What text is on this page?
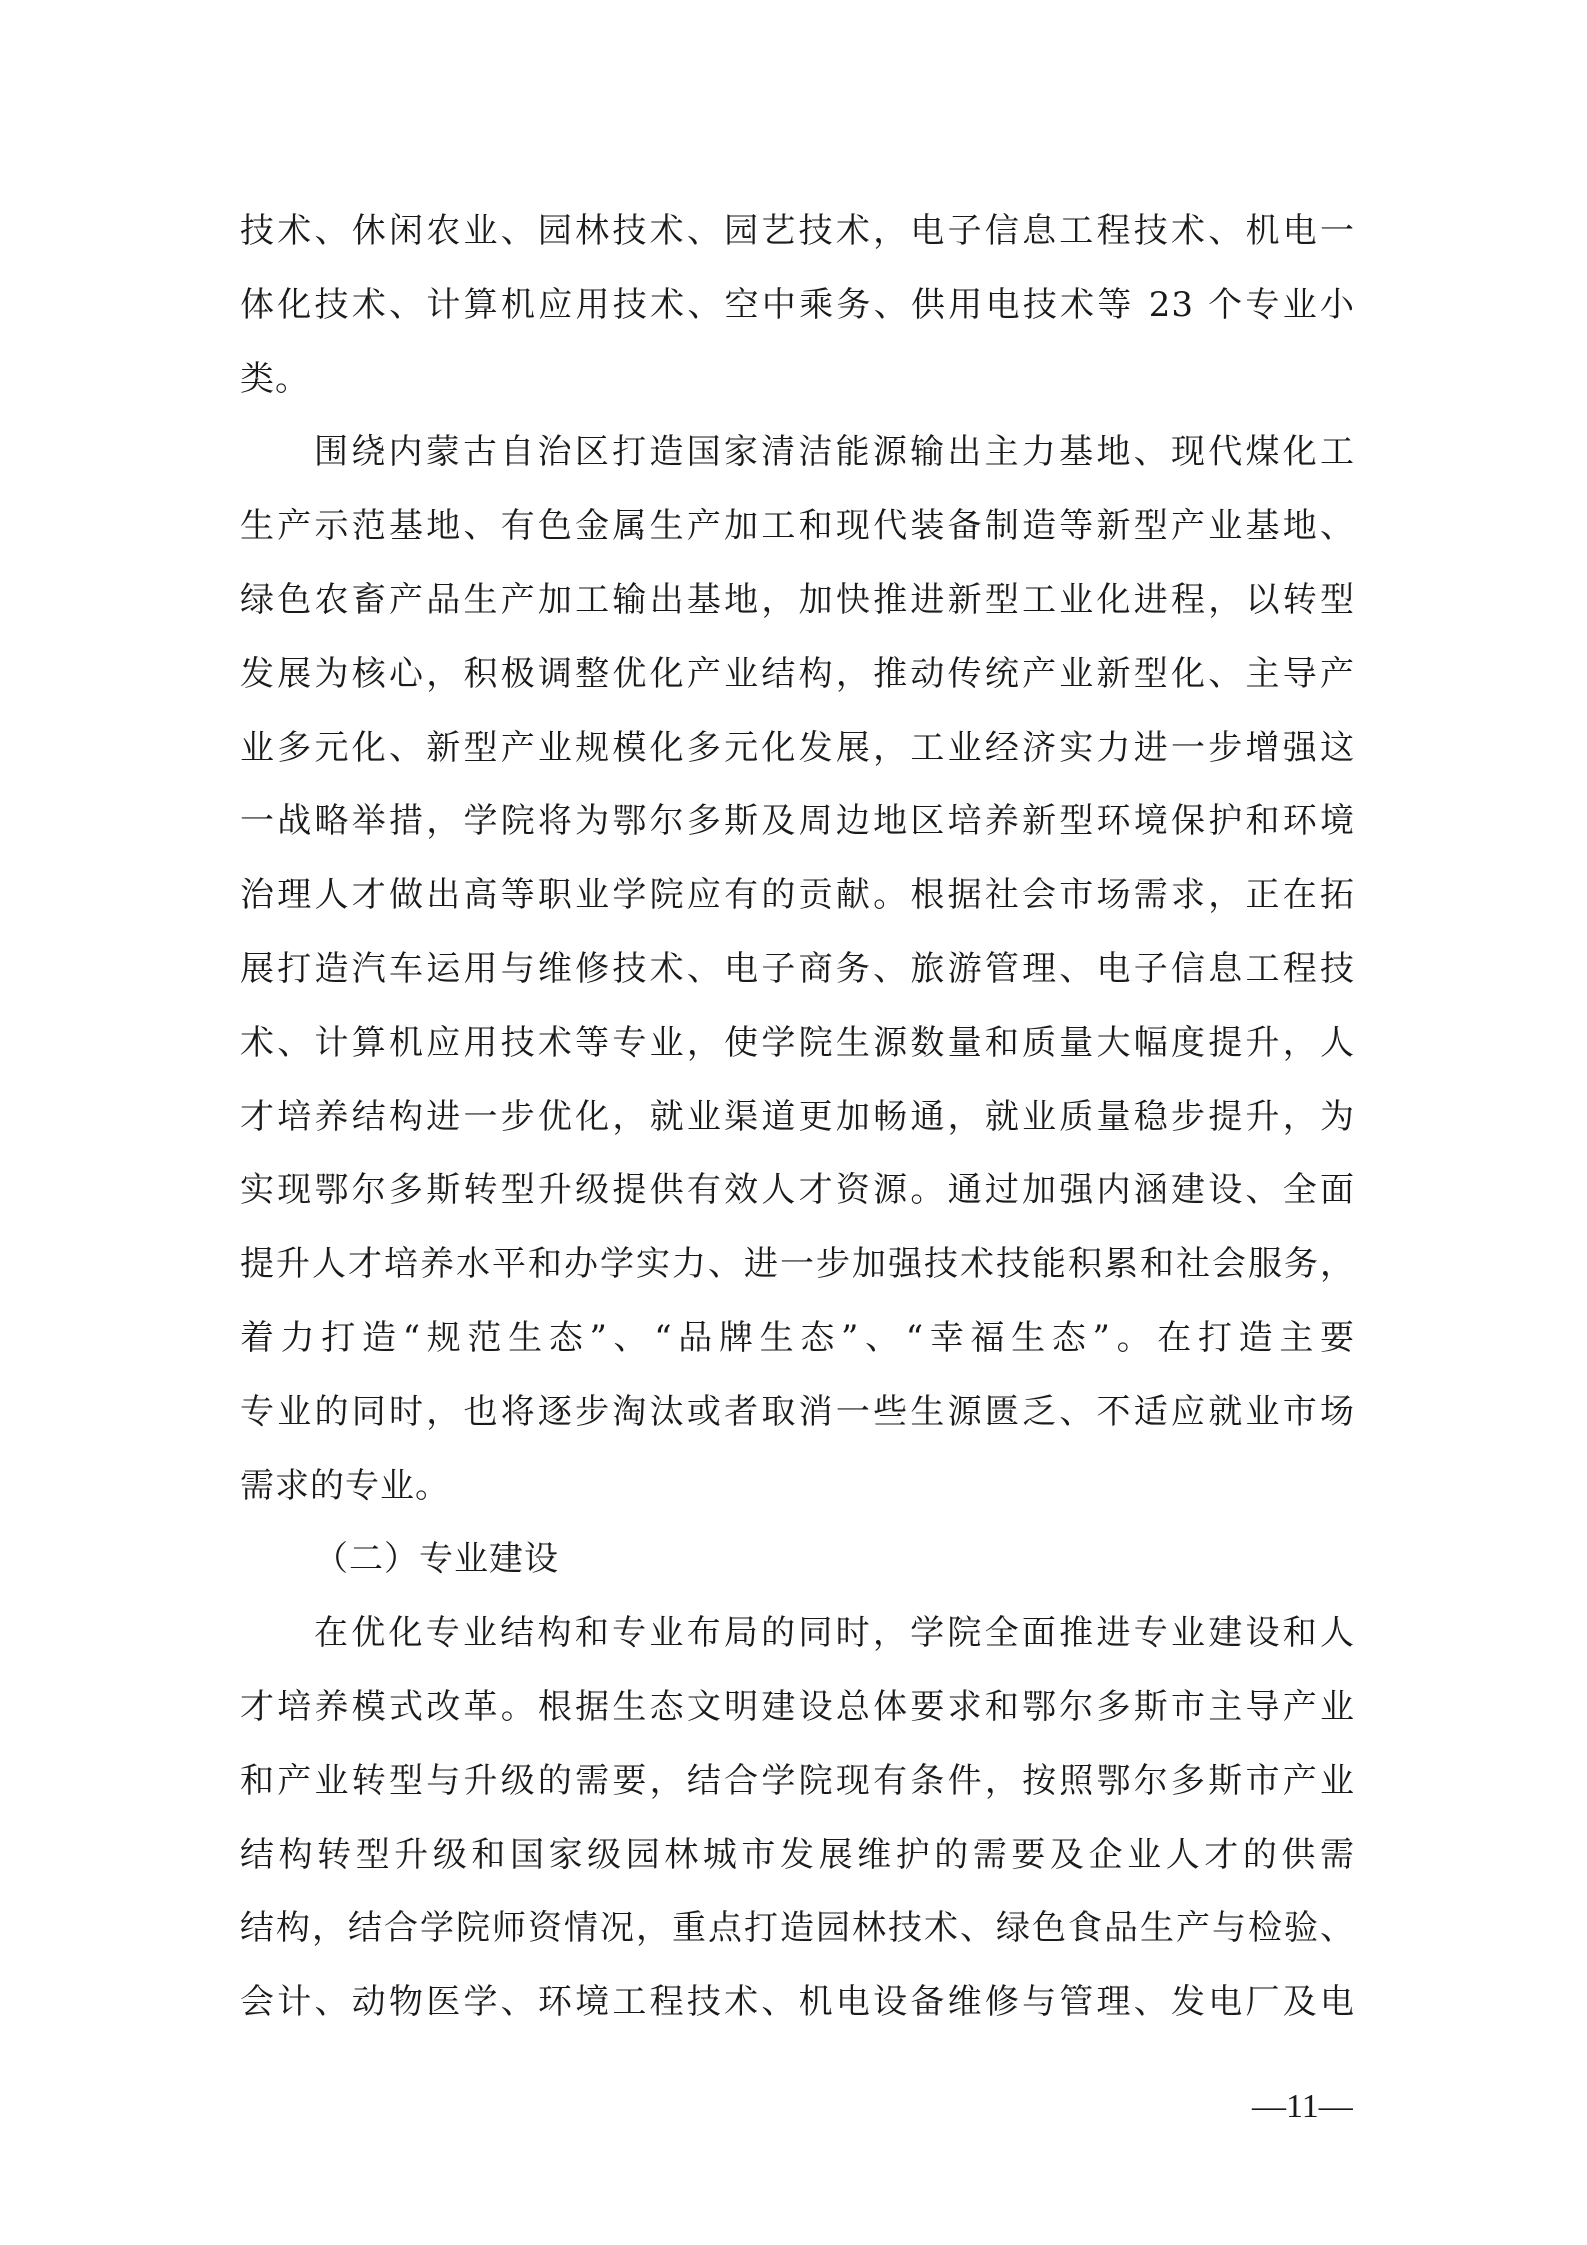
技术、休闲农业、园林技术、园艺技术，电子信息工程技术、机电一
体化技术、计算机应用技术、空中乘务、供用电技术等 23 个专业小
类。
围绕内蒙古自治区打造国家清洁能源输出主力基地、现代煤化工
生产示范基地、有色金属生产加工和现代装备制造等新型产业基地、
绿色农畜产品生产加工输出基地，加快推进新型工业化进程，以转型
发展为核心，积极调整优化产业结构，推动传统产业新型化、主导产
业多元化、新型产业规模化多元化发展，工业经济实力进一步增强这
一战略举措，学院将为鄂尔多斯及周边地区培养新型环境保护和环境
治理人才做出高等职业学院应有的贡献。根据社会市场需求，正在拓
展打造汽车运用与维修技术、电子商务、旅游管理、电子信息工程技
术、计算机应用技术等专业，使学院生源数量和质量大幅度提升，人
才培养结构进一步优化，就业渠道更加畅通，就业质量稳步提升，为
实现鄂尔多斯转型升级提供有效人才资源。通过加强内涵建设、全面
提升人才培养水平和办学实力、进一步加强技术技能积累和社会服务，
着力打造“规范生态”、“品牌生态”、“幸福生态”。在打造主要
专业的同时，也将逐步淘汰或者取消一些生源匮乏、不适应就业市场
需求的专业。
（二）专业建设
在优化专业结构和专业布局的同时，学院全面推进专业建设和人
才培养模式改革。根据生态文明建设总体要求和鄂尔多斯市主导产业
和产业转型与升级的需要，结合学院现有条件，按照鄂尔多斯市产业
结构转型升级和国家级园林城市发展维护的需要及企业人才的供需
结构，结合学院师资情况，重点打造园林技术、绿色食品生产与检验、
会计、动物医学、环境工程技术、机电设备维修与管理、发电厂及电
—11—
